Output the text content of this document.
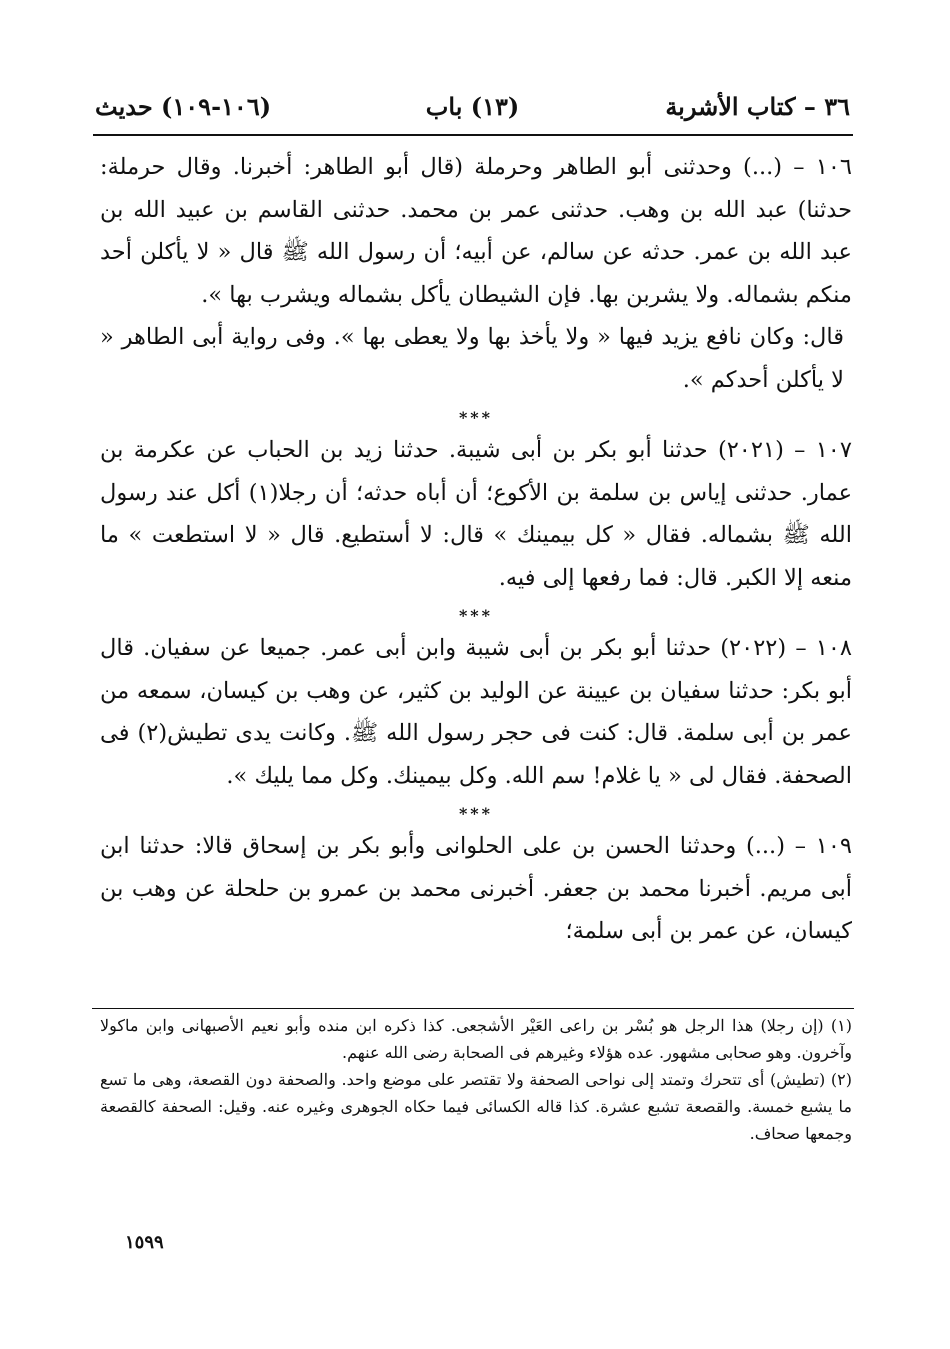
٣٦ – كتاب الأشربة
(١٣) باب
(١٠٦-١٠٩) حديث

١٠٦ – (...) وحدثنى أبو الطاهر وحرملة (قال أبو الطاهر: أخبرنا. وقال حرملة: حدثنا) عبد الله بن وهب. حدثنى عمر بن محمد. حدثنى القاسم بن عبيد الله بن عبد الله بن عمر. حدثه عن سالم، عن أبيه؛ أن رسول الله ﷺ قال « لا يأكلن أحد منكم بشماله. ولا يشربن بها. فإن الشيطان يأكل بشماله ويشرب بها ».

قال: وكان نافع يزيد فيها « ولا يأخذ بها ولا يعطى بها ». وفى رواية أبى الطاهر « لا يأكلن أحدكم ».

***

١٠٧ – (٢٠٢١) حدثنا أبو بكر بن أبى شيبة. حدثنا زيد بن الحباب عن عكرمة بن عمار. حدثنى إياس بن سلمة بن الأكوع؛ أن أباه حدثه؛ أن رجلا(١) أكل عند رسول الله ﷺ بشماله. فقال « كل بيمينك » قال: لا أستطيع. قال « لا استطعت » ما منعه إلا الكبر. قال: فما رفعها إلى فيه.

***

١٠٨ – (٢٠٢٢) حدثنا أبو بكر بن أبى شيبة وابن أبى عمر. جميعا عن سفيان. قال أبو بكر: حدثنا سفيان بن عيينة عن الوليد بن كثير، عن وهب بن كيسان، سمعه من عمر بن أبى سلمة. قال: كنت فى حجر رسول الله ﷺ. وكانت يدى تطيش(٢) فى الصحفة. فقال لى « يا غلام! سم الله. وكل بيمينك. وكل مما يليك ».

***

١٠٩ – (...) وحدثنا الحسن بن على الحلوانى وأبو بكر بن إسحاق قالا: حدثنا ابن أبى مريم. أخبرنا محمد بن جعفر. أخبرنى محمد بن عمرو بن حلحلة عن وهب بن كيسان، عن عمر بن أبى سلمة؛

(١) (إن رجلا) هذا الرجل هو بُسْر بن راعى العَيْر الأشجعى. كذا ذكره ابن منده وأبو نعيم الأصبهانى وابن ماكولا وآخرون. وهو صحابى مشهور. عده هؤلاء وغيرهم فى الصحابة رضى الله عنهم.

(٢) (تطيش) أى تتحرك وتمتد إلى نواحى الصحفة ولا تقتصر على موضع واحد. والصحفة دون القصعة، وهى ما تسع ما يشبع خمسة. والقصعة تشبع عشرة. كذا قاله الكسائى فيما حكاه الجوهرى وغيره عنه. وقيل: الصحفة كالقصعة وجمعها صحاف.

١٥٩٩
